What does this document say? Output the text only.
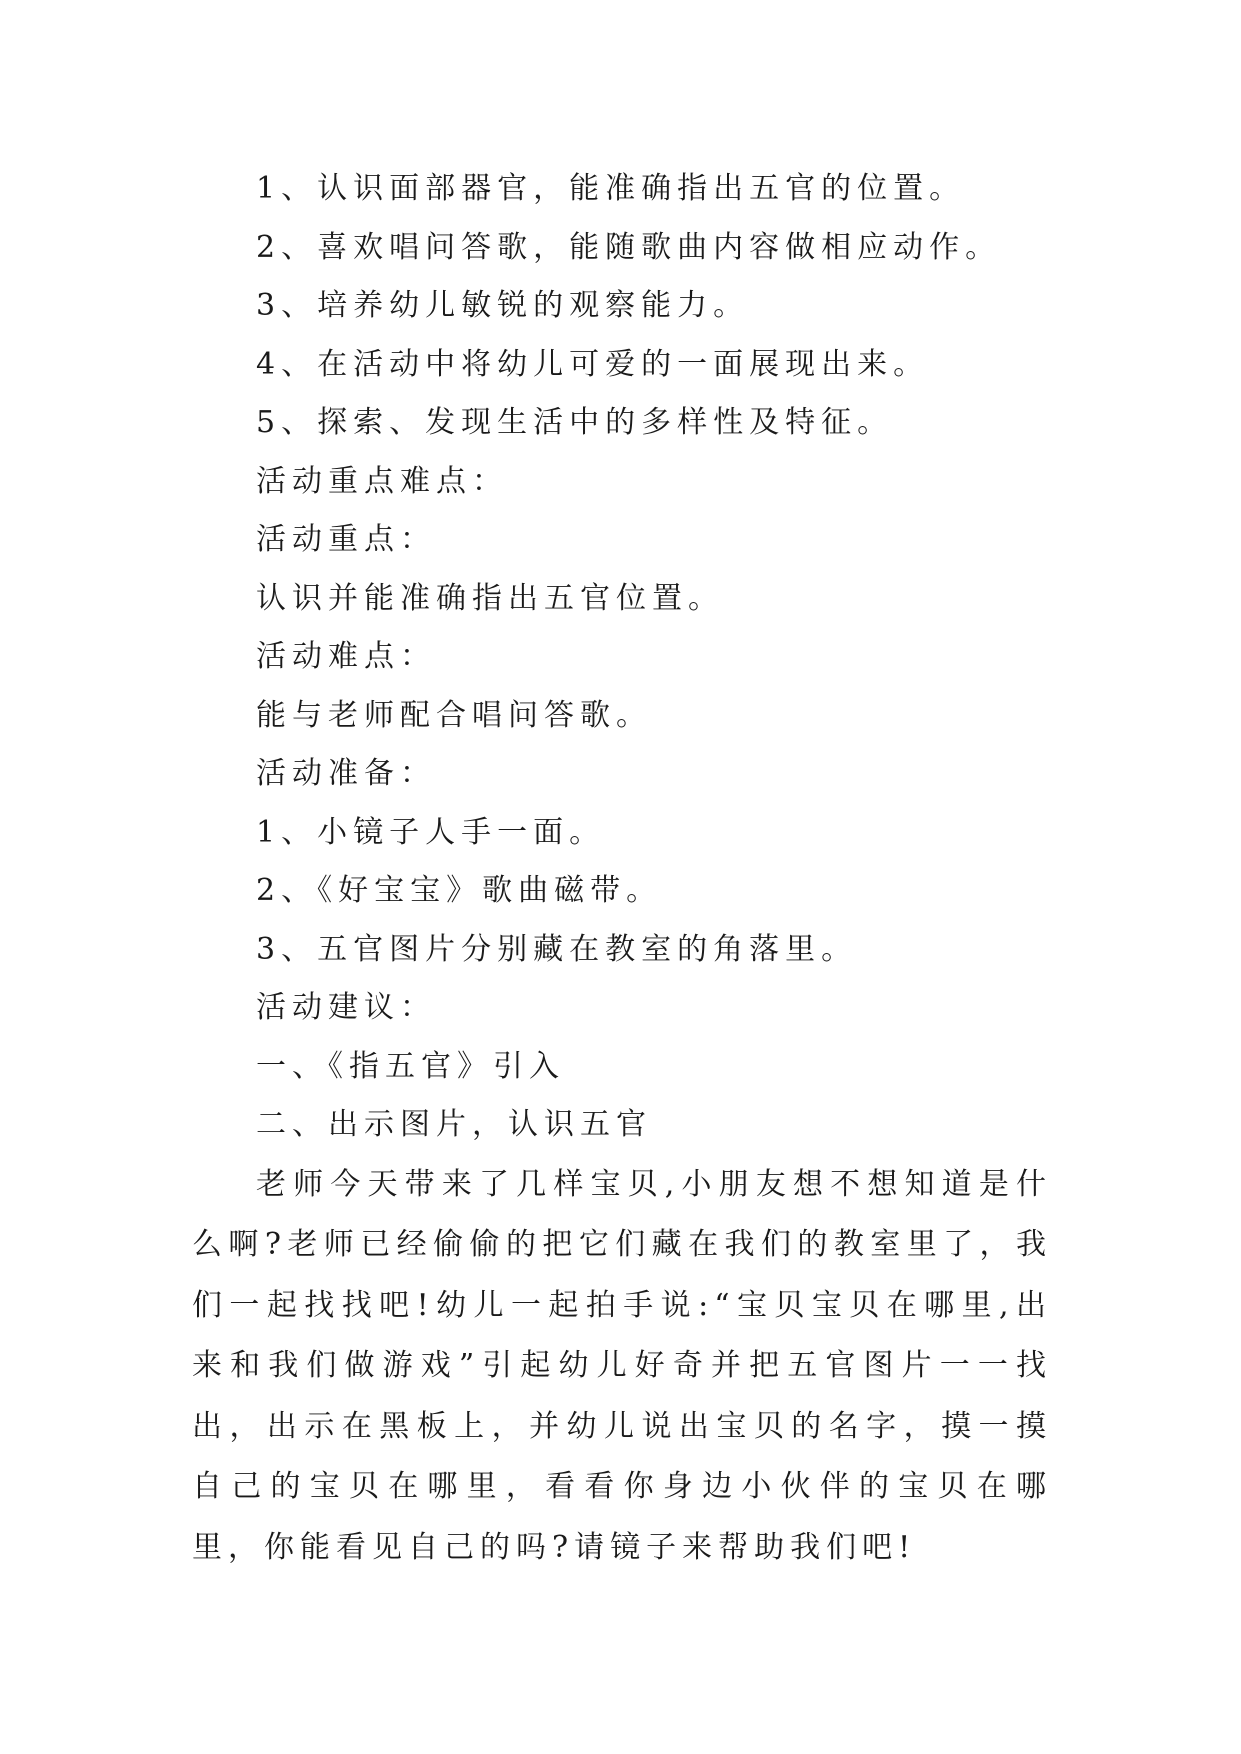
1、认识面部器官，能准确指出五官的位置。
2、喜欢唱问答歌，能随歌曲内容做相应动作。
3、培养幼儿敏锐的观察能力。
4、在活动中将幼儿可爱的一面展现出来。
5、探索、发现生活中的多样性及特征。
活动重点难点：
活动重点：
认识并能准确指出五官位置。
活动难点：
能与老师配合唱问答歌。
活动准备：
1、小镜子人手一面。
2、《好宝宝》歌曲磁带。
3、五官图片分别藏在教室的角落里。
活动建议：
一、《指五官》引入
二、出示图片，认识五官

老师今天带来了几样宝贝,小朋友想不想知道是什么啊?老师已经偷偷的把它们藏在我们的教室里了，我们一起找找吧!幼儿一起拍手说:“宝贝宝贝在哪里,出来和我们做游戏”引起幼儿好奇并把五官图片一一找出，出示在黑板上，并幼儿说出宝贝的名字，摸一摸自己的宝贝在哪里，看看你身边小伙伴的宝贝在哪里，你能看见自己的吗?请镜子来帮助我们吧!
